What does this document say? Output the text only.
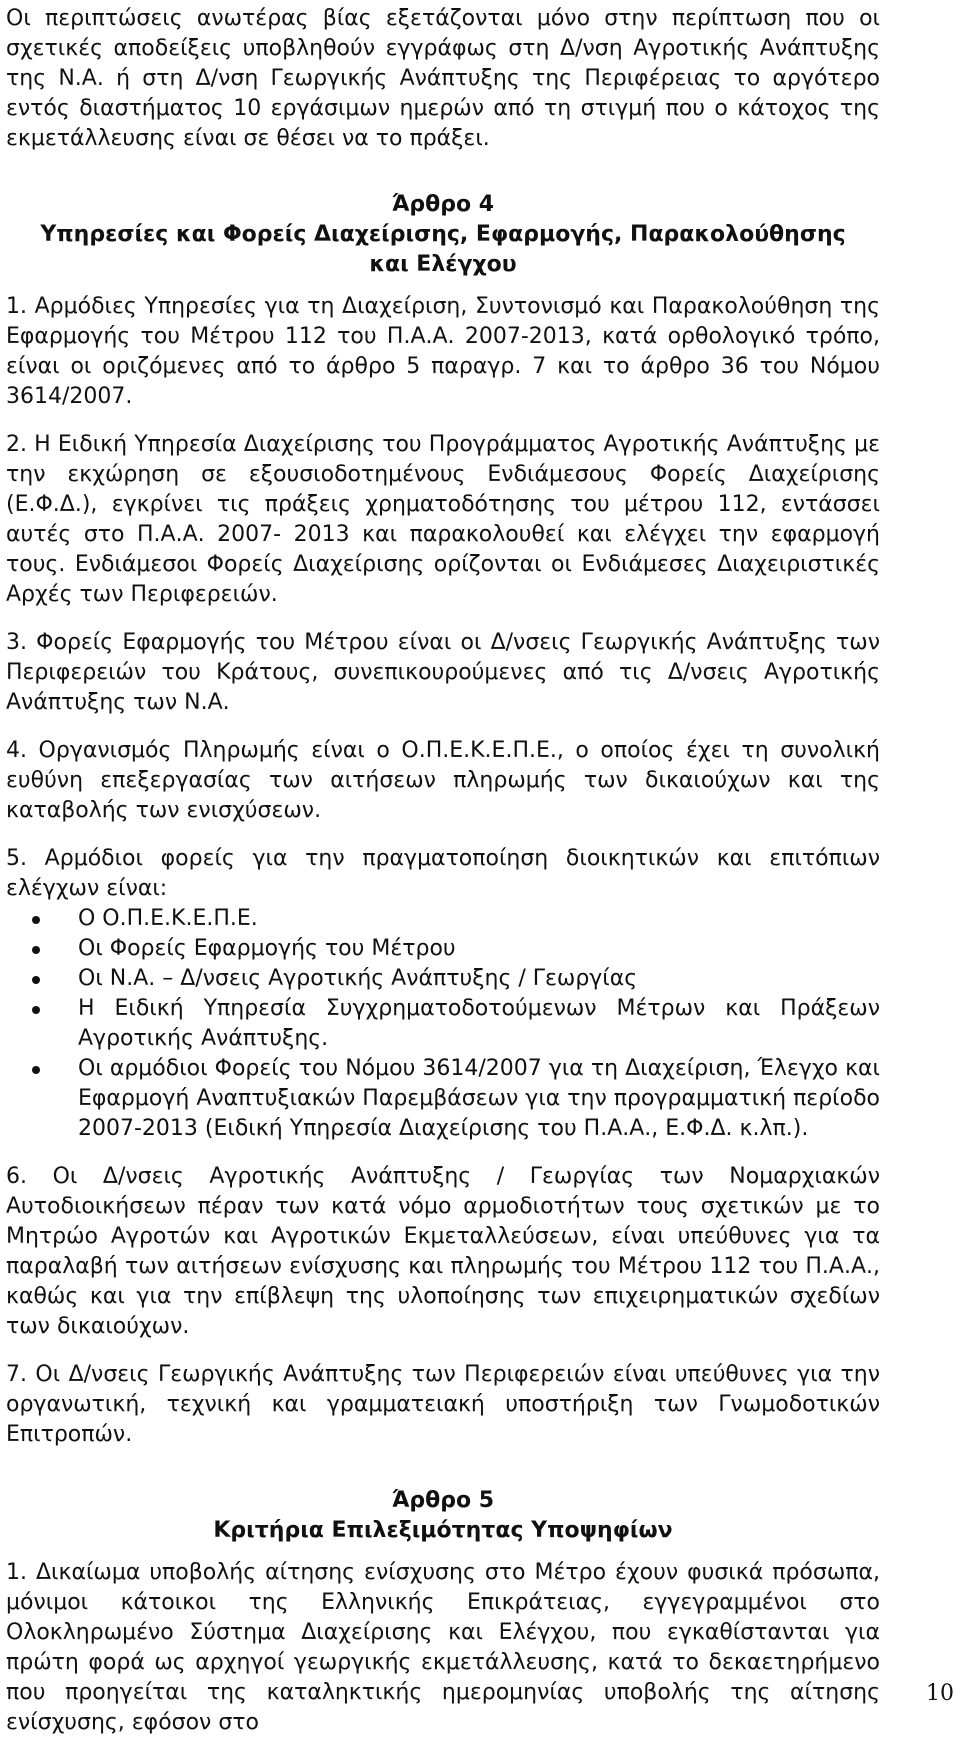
Οι περιπτώσεις ανωτέρας βίας εξετάζονται μόνο στην περίπτωση που οι σχετικές αποδείξεις υποβληθούν εγγράφως στη Δ/νση Αγροτικής Ανάπτυξης της Ν.Α. ή στη Δ/νση Γεωργικής Ανάπτυξης της Περιφέρειας το αργότερο εντός διαστήματος 10 εργάσιμων ημερών από τη στιγμή που ο κάτοχος της εκμετάλλευσης είναι σε θέσει να το πράξει.

Άρθρο 4

Υπηρεσίες και Φορείς Διαχείρισης, Εφαρμογής, Παρακολούθησης και Ελέγχου

1. Αρμόδιες Υπηρεσίες για τη Διαχείριση, Συντονισμό και Παρακολούθηση της Εφαρμογής του Μέτρου 112 του Π.Α.Α. 2007-2013, κατά ορθολογικό τρόπο, είναι οι οριζόμενες από το άρθρο 5 παραγρ. 7 και το άρθρο 36 του Νόμου 3614/2007.

2. Η Ειδική Υπηρεσία Διαχείρισης του Προγράμματος Αγροτικής Ανάπτυξης με την εκχώρηση σε εξουσιοδοτημένους Ενδιάμεσους Φορείς Διαχείρισης (Ε.Φ.Δ.), εγκρίνει τις πράξεις χρηματοδότησης του μέτρου 112, εντάσσει αυτές στο Π.Α.Α. 2007- 2013 και παρακολουθεί και ελέγχει την εφαρμογή τους. Ενδιάμεσοι Φορείς Διαχείρισης ορίζονται οι Ενδιάμεσες Διαχειριστικές Αρχές των Περιφερειών.

3. Φορείς Εφαρμογής του Μέτρου είναι οι Δ/νσεις Γεωργικής Ανάπτυξης των Περιφερειών του Κράτους, συνεπικουρούμενες από τις Δ/νσεις Αγροτικής Ανάπτυξης των Ν.Α.

4. Οργανισμός Πληρωμής είναι ο Ο.Π.Ε.Κ.Ε.Π.Ε., ο οποίος έχει τη συνολική ευθύνη επεξεργασίας των αιτήσεων πληρωμής των δικαιούχων και της καταβολής των ενισχύσεων.

5. Αρμόδιοι φορείς για την πραγματοποίηση διοικητικών και επιτόπιων ελέγχων είναι:

Ο Ο.Π.Ε.Κ.Ε.Π.Ε.
Οι Φορείς Εφαρμογής του Μέτρου
Οι Ν.Α. – Δ/νσεις Αγροτικής Ανάπτυξης / Γεωργίας
Η Ειδική Υπηρεσία Συγχρηματοδοτούμενων Μέτρων και Πράξεων Αγροτικής Ανάπτυξης.
Οι αρμόδιοι Φορείς του Νόμου 3614/2007 για τη Διαχείριση, Έλεγχο και Εφαρμογή Αναπτυξιακών Παρεμβάσεων για την προγραμματική περίοδο 2007-2013 (Ειδική Υπηρεσία Διαχείρισης του Π.Α.Α., Ε.Φ.Δ. κ.λπ.).

6. Οι Δ/νσεις Αγροτικής Ανάπτυξης / Γεωργίας των Νομαρχιακών Αυτοδιοικήσεων πέραν των κατά νόμο αρμοδιοτήτων τους σχετικών με το Μητρώο Αγροτών και Αγροτικών Εκμεταλλεύσεων, είναι υπεύθυνες για τα παραλαβή των αιτήσεων ενίσχυσης και πληρωμής του Μέτρου 112 του Π.Α.Α., καθώς και για την επίβλεψη της υλοποίησης των επιχειρηματικών σχεδίων των δικαιούχων.

7. Οι Δ/νσεις Γεωργικής Ανάπτυξης των Περιφερειών είναι υπεύθυνες για την οργανωτική, τεχνική και γραμματειακή υποστήριξη των Γνωμοδοτικών Επιτροπών.

Άρθρο 5

Κριτήρια Επιλεξιμότητας Υποψηφίων

1. Δικαίωμα υποβολής αίτησης ενίσχυσης στο Μέτρο έχουν φυσικά πρόσωπα, μόνιμοι κάτοικοι της Ελληνικής Επικράτειας, εγγεγραμμένοι στο Ολοκληρωμένο Σύστημα Διαχείρισης και Ελέγχου, που εγκαθίστανται για πρώτη φορά ως αρχηγοί γεωργικής εκμετάλλευσης, κατά το δεκαετηρήμενο που προηγείται της καταληκτικής ημερομηνίας υποβολής της αίτησης ενίσχυσης, εφόσον στο

10
